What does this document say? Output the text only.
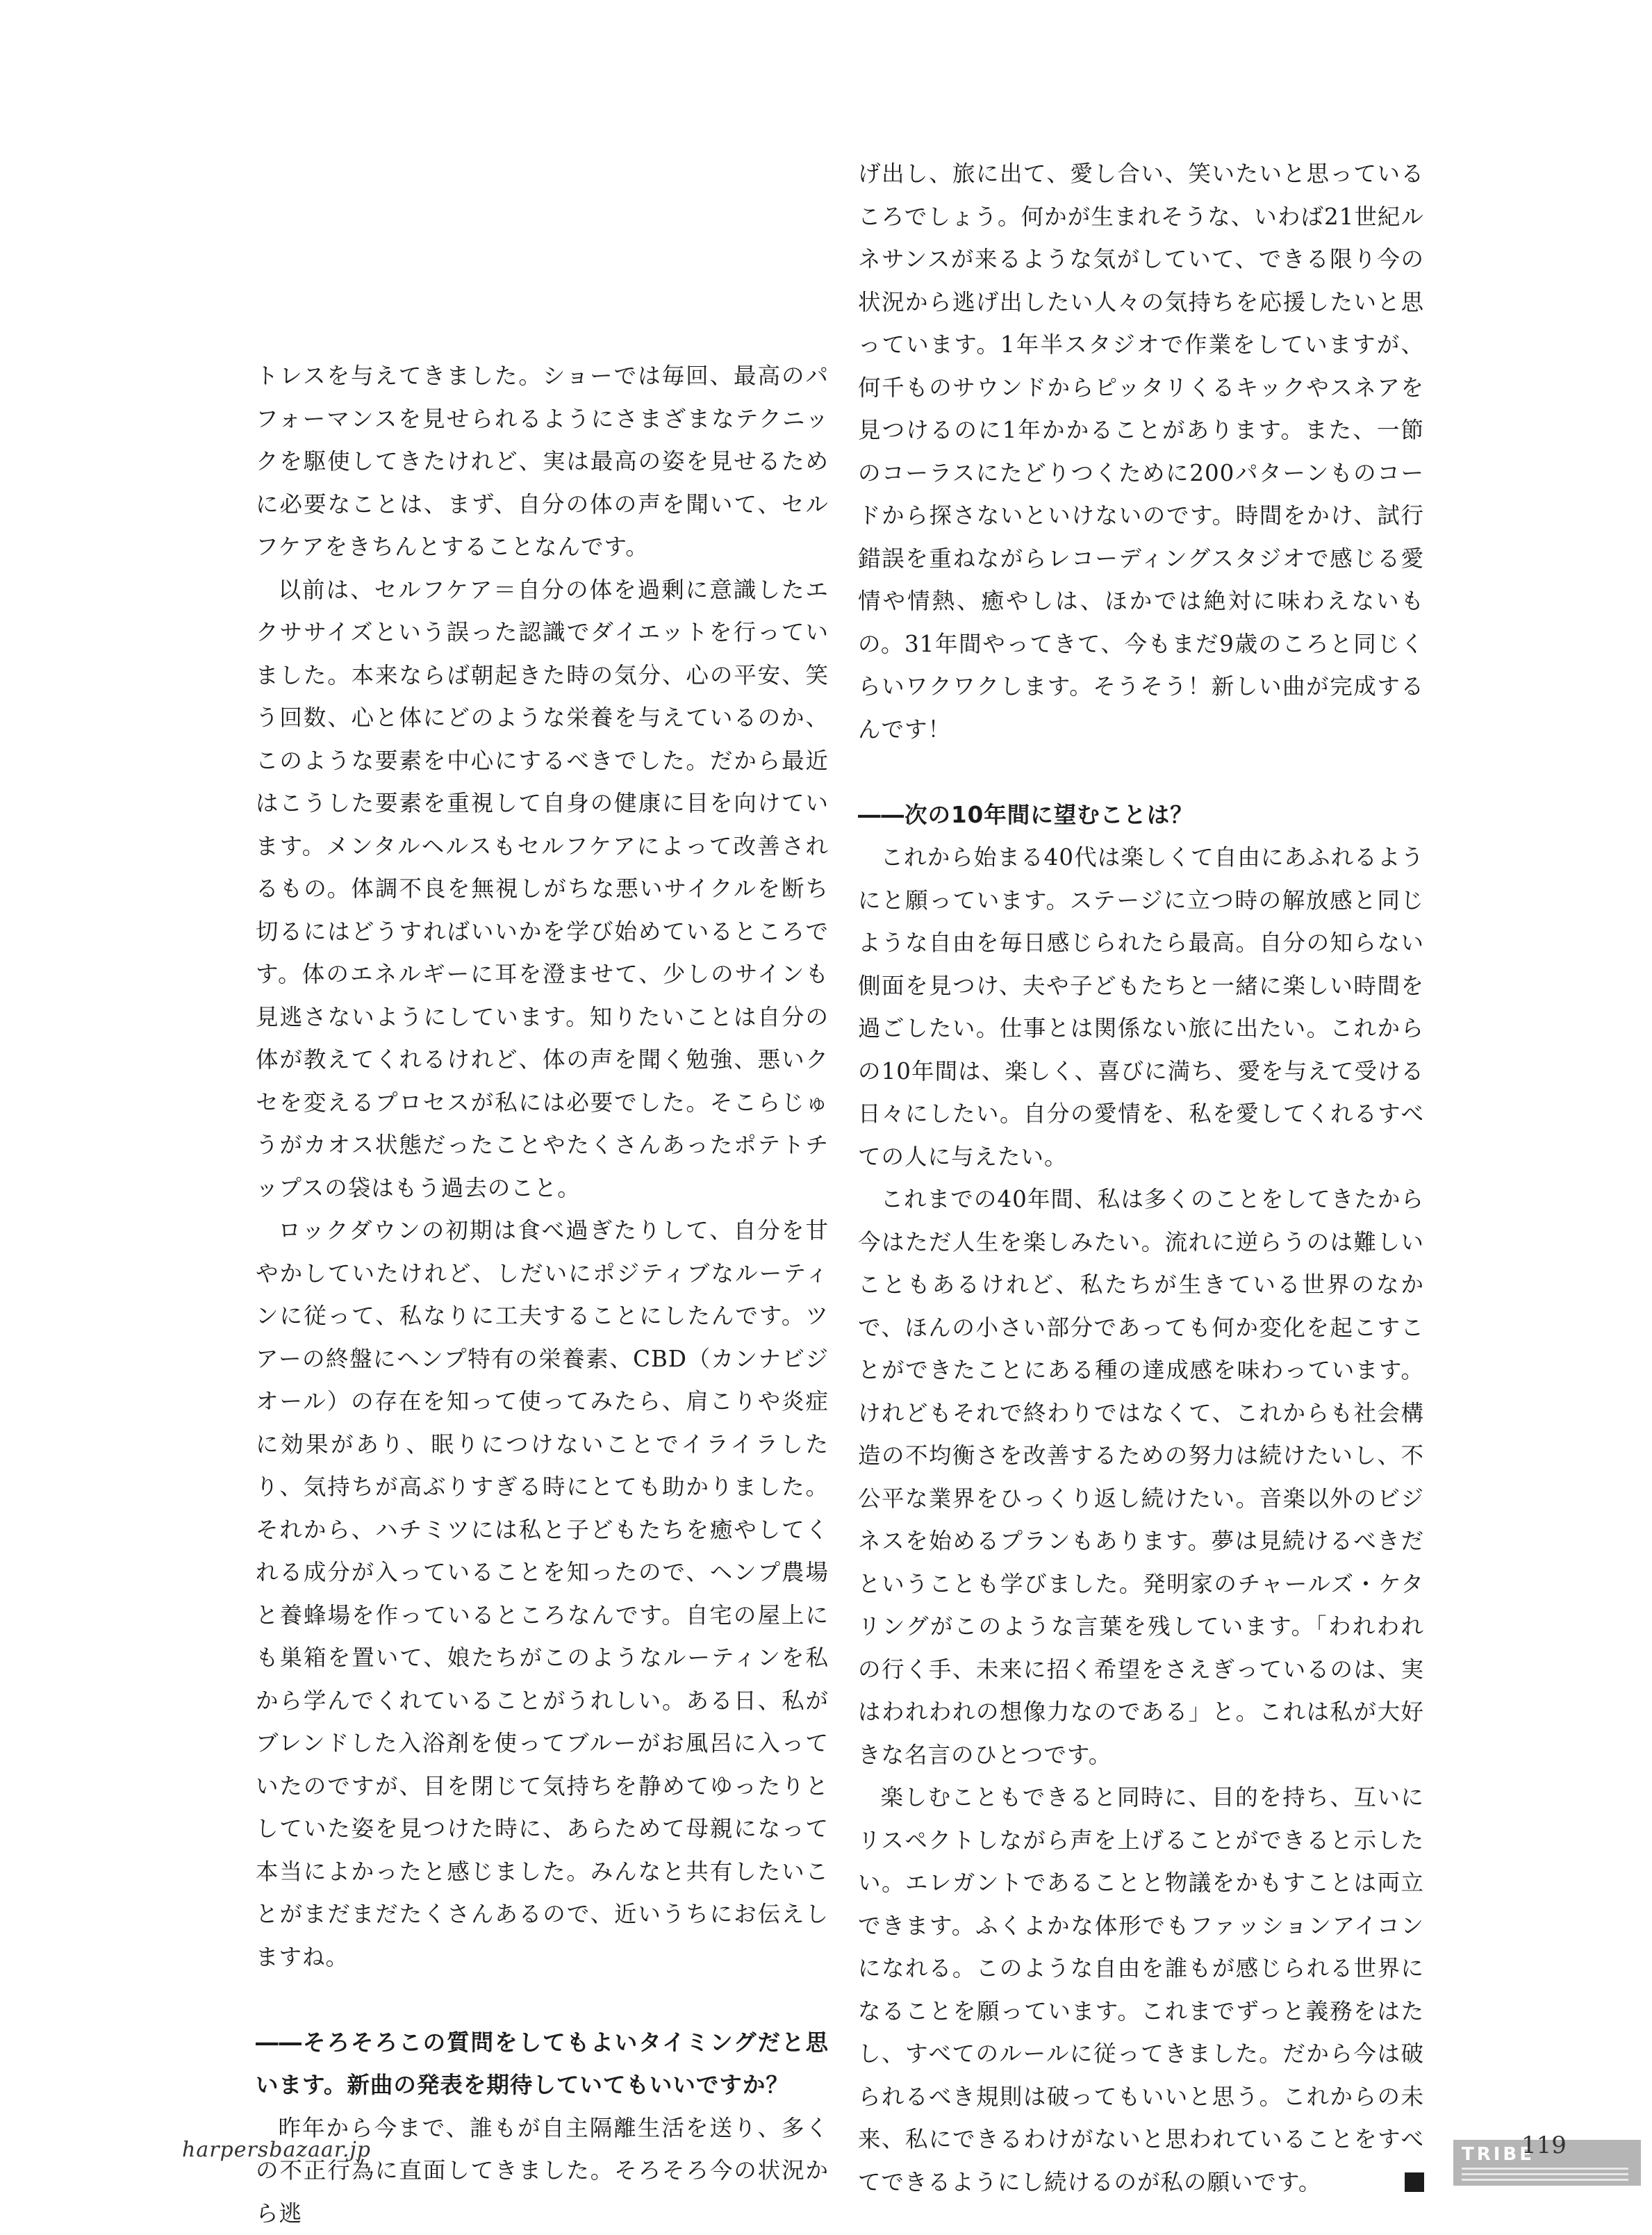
トレスを与えてきました。ショーでは毎回、最高のパフォーマンスを見せられるようにさまざまなテクニックを駆使してきたけれど、実は最高の姿を見せるために必要なことは、まず、自分の体の声を聞いて、セルフケアをきちんとすることなんです。

以前は、セルフケア＝自分の体を過剰に意識したエクササイズという誤った認識でダイエットを行っていました。本来ならば朝起きた時の気分、心の平安、笑う回数、心と体にどのような栄養を与えているのか、このような要素を中心にするべきでした。だから最近はこうした要素を重視して自身の健康に目を向けています。メンタルヘルスもセルフケアによって改善されるもの。体調不良を無視しがちな悪いサイクルを断ち切るにはどうすればいいかを学び始めているところです。体のエネルギーに耳を澄ませて、少しのサインも見逃さないようにしています。知りたいことは自分の体が教えてくれるけれど、体の声を聞く勉強、悪いクセを変えるプロセスが私には必要でした。そこらじゅうがカオス状態だったことやたくさんあったポテトチップスの袋はもう過去のこと。

ロックダウンの初期は食べ過ぎたりして、自分を甘やかしていたけれど、しだいにポジティブなルーティンに従って、私なりに工夫することにしたんです。ツアーの終盤にヘンプ特有の栄養素、CBD（カンナビジオール）の存在を知って使ってみたら、肩こりや炎症に効果があり、眠りにつけないことでイライラしたり、気持ちが高ぶりすぎる時にとても助かりました。それから、ハチミツには私と子どもたちを癒やしてくれる成分が入っていることを知ったので、ヘンプ農場と養蜂場を作っているところなんです。自宅の屋上にも巣箱を置いて、娘たちがこのようなルーティンを私から学んでくれていることがうれしい。ある日、私がブレンドした入浴剤を使ってブルーがお風呂に入っていたのですが、目を閉じて気持ちを静めてゆったりとしていた姿を見つけた時に、あらためて母親になって本当によかったと感じました。みんなと共有したいことがまだまだたくさんあるので、近いうちにお伝えしますね。

――そろそろこの質問をしてもよいタイミングだと思います。新曲の発表を期待していてもいいですか？

昨年から今まで、誰もが自主隔離生活を送り、多くの不正行為に直面してきました。そろそろ今の状況から逃

げ出し、旅に出て、愛し合い、笑いたいと思っているころでしょう。何かが生まれそうな、いわば21世紀ルネサンスが来るような気がしていて、できる限り今の状況から逃げ出したい人々の気持ちを応援したいと思っています。1年半スタジオで作業をしていますが、何千ものサウンドからピッタリくるキックやスネアを見つけるのに1年かかることがあります。また、一節のコーラスにたどりつくために200パターンものコードから探さないといけないのです。時間をかけ、試行錯誤を重ねながらレコーディングスタジオで感じる愛情や情熱、癒やしは、ほかでは絶対に味わえないもの。31年間やってきて、今もまだ9歳のころと同じくらいワクワクします。そうそう！新しい曲が完成するんです！

――次の10年間に望むことは？

これから始まる40代は楽しくて自由にあふれるようにと願っています。ステージに立つ時の解放感と同じような自由を毎日感じられたら最高。自分の知らない側面を見つけ、夫や子どもたちと一緒に楽しい時間を過ごしたい。仕事とは関係ない旅に出たい。これからの10年間は、楽しく、喜びに満ち、愛を与えて受ける日々にしたい。自分の愛情を、私を愛してくれるすべての人に与えたい。

これまでの40年間、私は多くのことをしてきたから今はただ人生を楽しみたい。流れに逆らうのは難しいこともあるけれど、私たちが生きている世界のなかで、ほんの小さい部分であっても何か変化を起こすことができたことにある種の達成感を味わっています。けれどもそれで終わりではなくて、これからも社会構造の不均衡さを改善するための努力は続けたいし、不公平な業界をひっくり返し続けたい。音楽以外のビジネスを始めるプランもあります。夢は見続けるべきだということも学びました。発明家のチャールズ・ケタリングがこのような言葉を残しています。「われわれの行く手、未来に招く希望をさえぎっているのは、実はわれわれの想像力なのである」と。これは私が大好きな名言のひとつです。

楽しむこともできると同時に、目的を持ち、互いにリスペクトしながら声を上げることができると示したい。エレガントであることと物議をかもすことは両立できます。ふくよかな体形でもファッションアイコンになれる。このような自由を誰もが感じられる世界になることを願っています。これまでずっと義務をはたし、すべてのルールに従ってきました。だから今は破られるべき規則は破ってもいいと思う。これからの未来、私にできるわけがないと思われていることをすべてできるようにし続けるのが私の願いです。

harpersbazaar.jp	TRIBE
119
